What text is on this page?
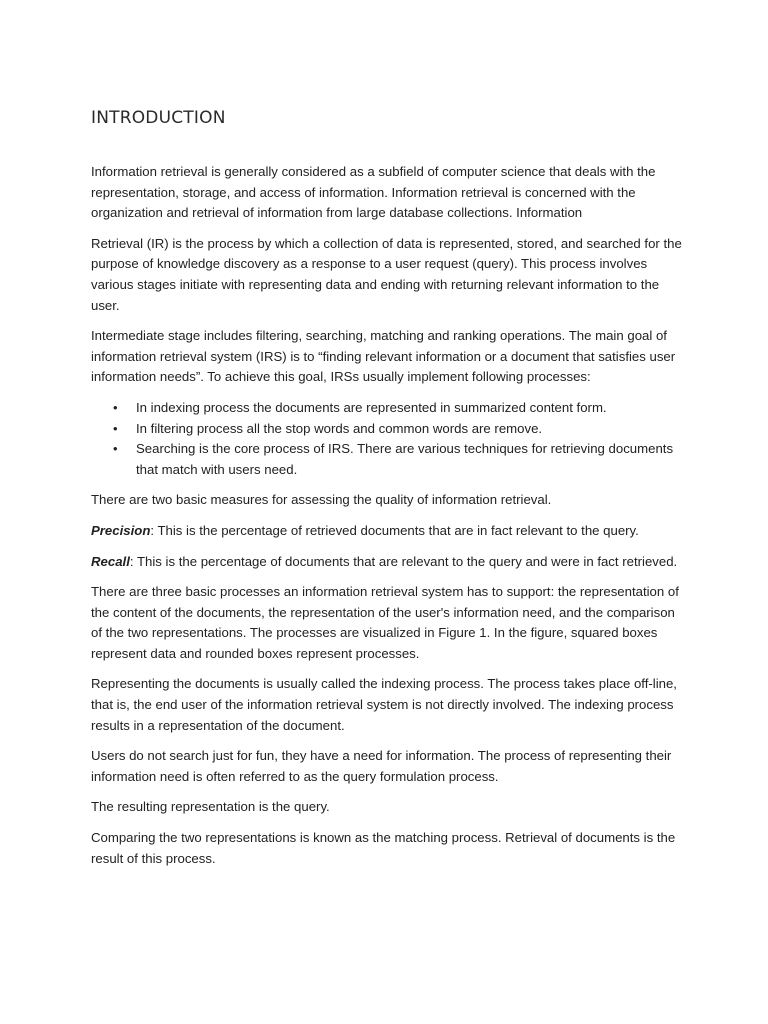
INTRODUCTION

Information retrieval is generally considered as a subfield of computer science that deals with the representation, storage, and access of information. Information retrieval is concerned with the organization and retrieval of information from large database collections. Information

Retrieval (IR) is the process by which a collection of data is represented, stored, and searched for the purpose of knowledge discovery as a response to a user request (query). This process involves various stages initiate with representing data and ending with returning relevant information to the user.

Intermediate stage includes filtering, searching, matching and ranking operations. The main goal of information retrieval system (IRS) is to “finding relevant information or a document that satisfies user information needs”. To achieve this goal, IRSs usually implement following processes:

• In indexing process the documents are represented in summarized content form.
• In filtering process all the stop words and common words are remove.
• Searching is the core process of IRS. There are various techniques for retrieving documents that match with users need.

There are two basic measures for assessing the quality of information retrieval.

Precision: This is the percentage of retrieved documents that are in fact relevant to the query.

Recall: This is the percentage of documents that are relevant to the query and were in fact retrieved.

There are three basic processes an information retrieval system has to support: the representation of the content of the documents, the representation of the user's information need, and the comparison of the two representations. The processes are visualized in Figure 1. In the figure, squared boxes represent data and rounded boxes represent processes.

Representing the documents is usually called the indexing process. The process takes place off-line, that is, the end user of the information retrieval system is not directly involved. The indexing process results in a representation of the document.

Users do not search just for fun, they have a need for information. The process of representing their information need is often referred to as the query formulation process.

The resulting representation is the query.

Comparing the two representations is known as the matching process. Retrieval of documents is the result of this process.
